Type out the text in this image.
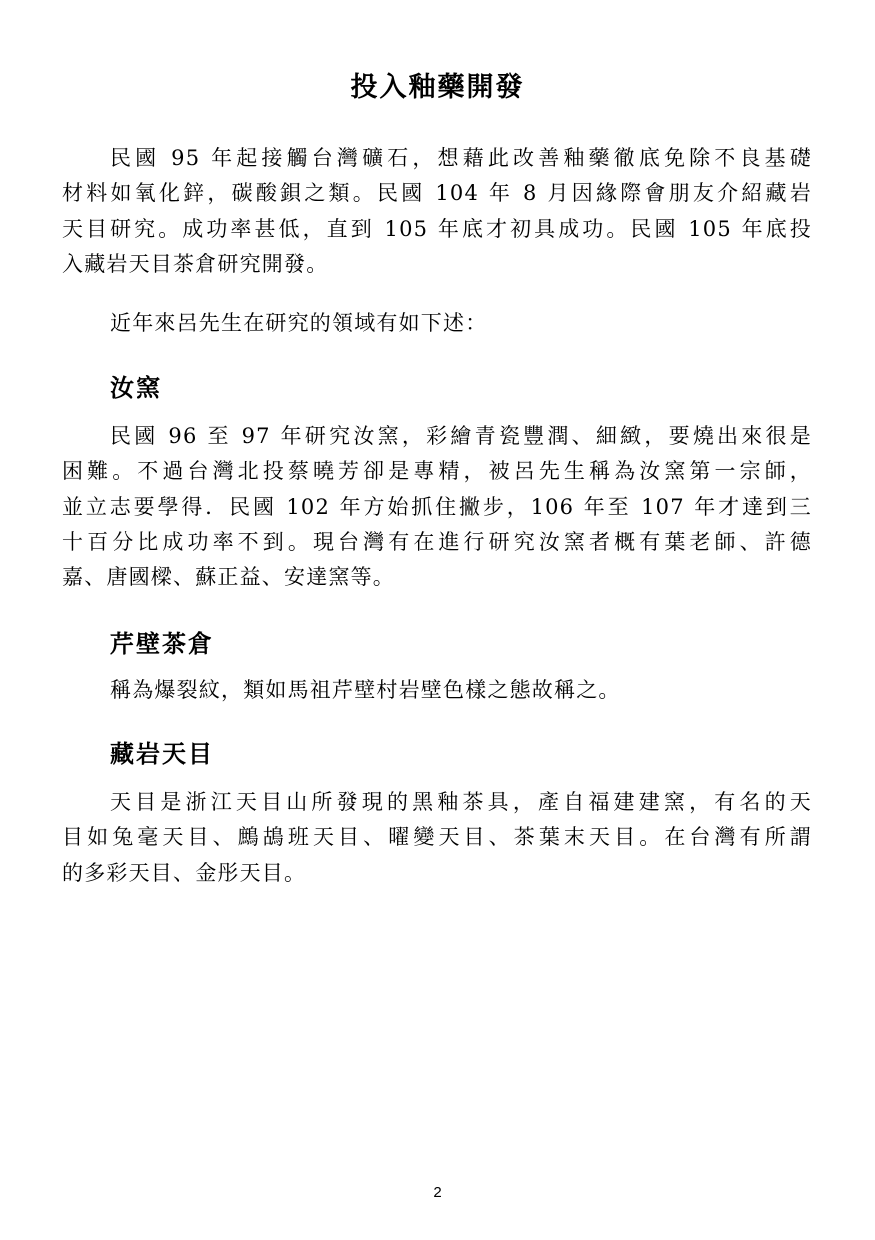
投入釉藥開發

民國 95 年起接觸台灣礦石，想藉此改善釉藥徹底免除不良基礎
材料如氧化鋅，碳酸鋇之類。民國 104 年 8 月因緣際會朋友介紹藏岩
天目研究。成功率甚低，直到 105 年底才初具成功。民國 105 年底投
入藏岩天目茶倉研究開發。

近年來呂先生在研究的領域有如下述：

汝窯

民國 96 至 97 年研究汝窯，彩繪青瓷豐潤、細緻，要燒出來很是
困難。不過台灣北投蔡曉芳卻是專精，被呂先生稱為汝窯第一宗師，
並立志要學得．民國 102 年方始抓住撇步，106 年至 107 年才達到三
十百分比成功率不到。現台灣有在進行研究汝窯者概有葉老師、許德
嘉、唐國樑、蘇正益、安達窯等。

芹壁茶倉

稱為爆裂紋，類如馬祖芹壁村岩壁色樣之態故稱之。

藏岩天目

天目是浙江天目山所發現的黑釉茶具，產自福建建窯，有名的天
目如兔毫天目、鷓鴣班天目、曜變天目、茶葉末天目。在台灣有所謂
的多彩天目、金彤天目。

2
